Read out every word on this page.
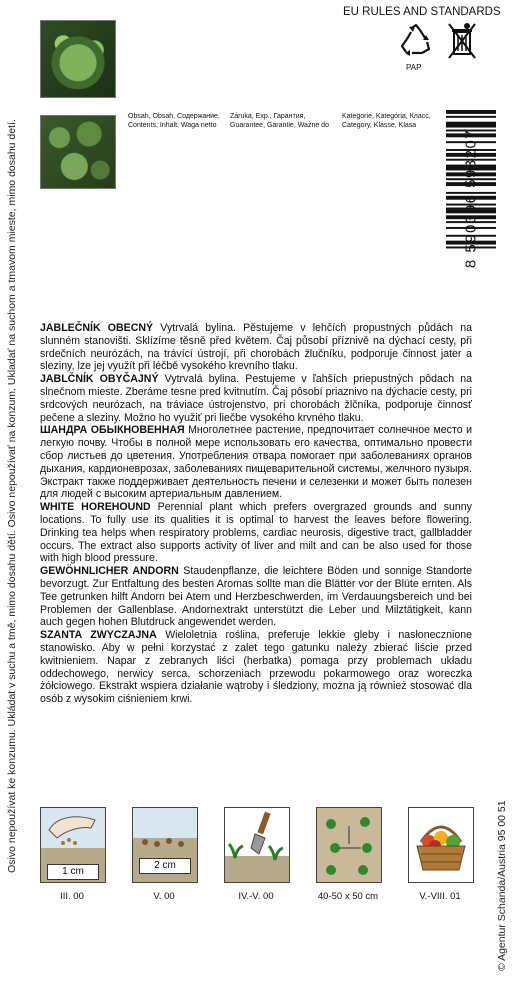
Osivo nepoužívat ke konzumu. Ukládat v suchu a tmě, mimo dosahu dětí. Osivo nepoužívať na konzum. Ukladať na suchom a tmavom mieste, mimo dosahu detí.
© Agentur Schanda/Austria 95 00 51
EU RULES AND STANDARDS
PAP
Obsah, Obsah, Содержание, Contents, Inhalt, Waga netto
Záruka, Exp., Гарантия, Guarantee, Garantie, Ważne do
Kategorie, Kategória, Класс, Category, Klasse, Klasa
8 590396 593207

JABLEČNÍK OBECNÝ Vytrvalá bylina. Pěstujeme v lehčích propustných půdách na slunném stanovišti. Sklízíme těsně před květem. Čaj působí příznivě na dýchací cesty, při srdečních neurózách, na trávící ústrojí, při chorobách žlučníku, podporuje činnost jater a sleziny, lze jej využít při léčbě vysokého krevního tlaku.

JABLČNÍK OBYČAJNÝ Vytrvalá bylina. Pestujeme v ľahších priepustných pôdach na slnečnom mieste. Zberáme tesne pred kvitnutím. Čaj pôsobí priaznivo na dýchacie cesty, pri srdcových neurózach, na tráviace ústrojenstvo, pri chorobách žlčníka, podporuje činnosť pečene a sleziny. Možno ho využiť pri liečbe vysokého krvného tlaku.

ШАНДРА ОБЫКНОВЕННАЯ Многолетнее растение, предпочитает солнечное место и легкую почву. Чтобы в полной мере использовать его качества, оптимально провести сбор листьев до цветения. Употребления отвара помогает при заболеваниях органов дыхания, кардионеврозах, заболеваниях пищеварительной системы, желчного пузыря. Экстракт также поддерживает деятельность печени и селезенки и может быть полезен для людей с высоким артериальным давлением.

WHITE HOREHOUND Perennial plant which prefers overgrazed grounds and sunny locations. To fully use its qualities it is optimal to harvest the leaves before flowering. Drinking tea helps when respiratory problems, cardiac neurosis, digestive tract, gallbladder occurs. The extract also supports activity of liver and milt and can be also used for those with high blood pressure.

GEWÖHNLICHER ANDORN Staudenpflanze, die leichtere Böden und sonnige Standorte bevorzugt. Zur Entfaltung des besten Aromas sollte man die Blätter vor der Blüte ernten. Als Tee getrunken hilft Andorn bei Atem und Herzbeschwerden, im Verdauungsbereich und bei Problemen der Gallenblase. Andornextrakt unterstützt die Leber und Milztätigkeit, kann auch gegen hohen Blutdruck angewendet werden.

SZANTA ZWYCZAJNA Wieloletnia roślina, preferuje lekkie gleby i nasłonecznione stanowisko. Aby w pełni korzystać z zalet tego gatunku należy zbierać liście przed kwitnieniem. Napar z zebranych liści (herbatka) pomaga przy problemach układu oddechowego, nerwicy serca, schorzeniach przewodu pokarmowego oraz woreczka żółciowego. Ekstrakt wspiera działanie wątroby i śledziony, można ją również stosować dla osób z wysokim ciśnieniem krwi.

1 cm
III. 00
2 cm
V. 00	IV.-V. 00	40-50 x 50 cm	V.-VIII. 01
